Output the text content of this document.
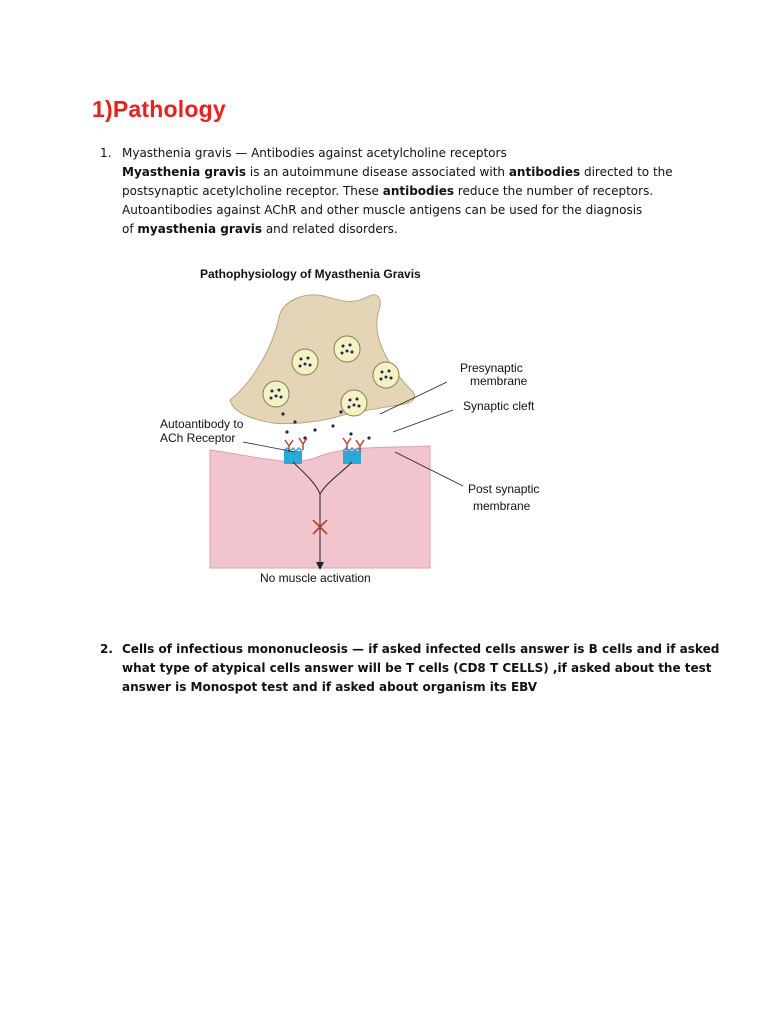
1)Pathology
1. Myasthenia gravis — Antibodies against acetylcholine receptors

Myasthenia gravis is an autoimmune disease associated with antibodies directed to the

postsynaptic acetylcholine receptor. These antibodies reduce the number of receptors.

Autoantibodies against AChR and other muscle antigens can be used for the diagnosis

of myasthenia gravis and related disorders.

Pathophysiology of Myasthenia Gravis
Presynaptic
membrane
Synaptic cleft
Autoantibody to
ACh Receptor
Post synaptic
membrane
No muscle activation
2. Cells of infectious mononucleosis — if asked infected cells answer is B cells and if asked

what type of atypical cells answer will be T cells (CD8 T CELLS) ,if asked about the test

answer is Monospot test and if asked about organism its EBV
